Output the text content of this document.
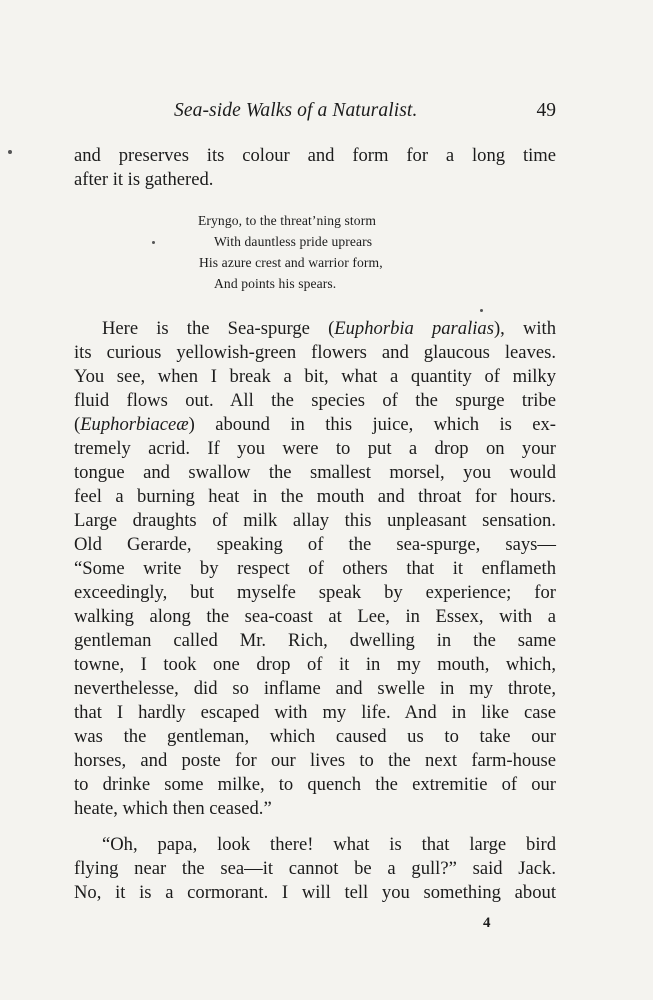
Sea-side Walks of a Naturalist.	49
and preserves its colour and form for a long time
after it is gathered.
Eryngo, to the threat’ning storm
With dauntless pride uprears
His azure crest and warrior form,
And points his spears.
Here is the Sea-spurge (Euphorbia paralias), with
its curious yellowish-green flowers and glaucous leaves.
You see, when I break a bit, what a quantity of milky
fluid flows out. All the species of the spurge tribe
(Euphorbiaceæ) abound in this juice, which is ex-
tremely acrid. If you were to put a drop on your
tongue and swallow the smallest morsel, you would
feel a burning heat in the mouth and throat for hours.
Large draughts of milk allay this unpleasant sensation.
Old Gerarde, speaking of the sea-spurge, says—
“Some write by respect of others that it enflameth
exceedingly, but myselfe speak by experience; for
walking along the sea-coast at Lee, in Essex, with a
gentleman called Mr. Rich, dwelling in the same
towne, I took one drop of it in my mouth, which,
neverthelesse, did so inflame and swelle in my throte,
that I hardly escaped with my life. And in like case
was the gentleman, which caused us to take our
horses, and poste for our lives to the next farm-house
to drinke some milke, to quench the extremitie of our
heate, which then ceased.”
“Oh, papa, look there! what is that large bird
flying near the sea—it cannot be a gull?” said Jack.
No, it is a cormorant. I will tell you something about
4
